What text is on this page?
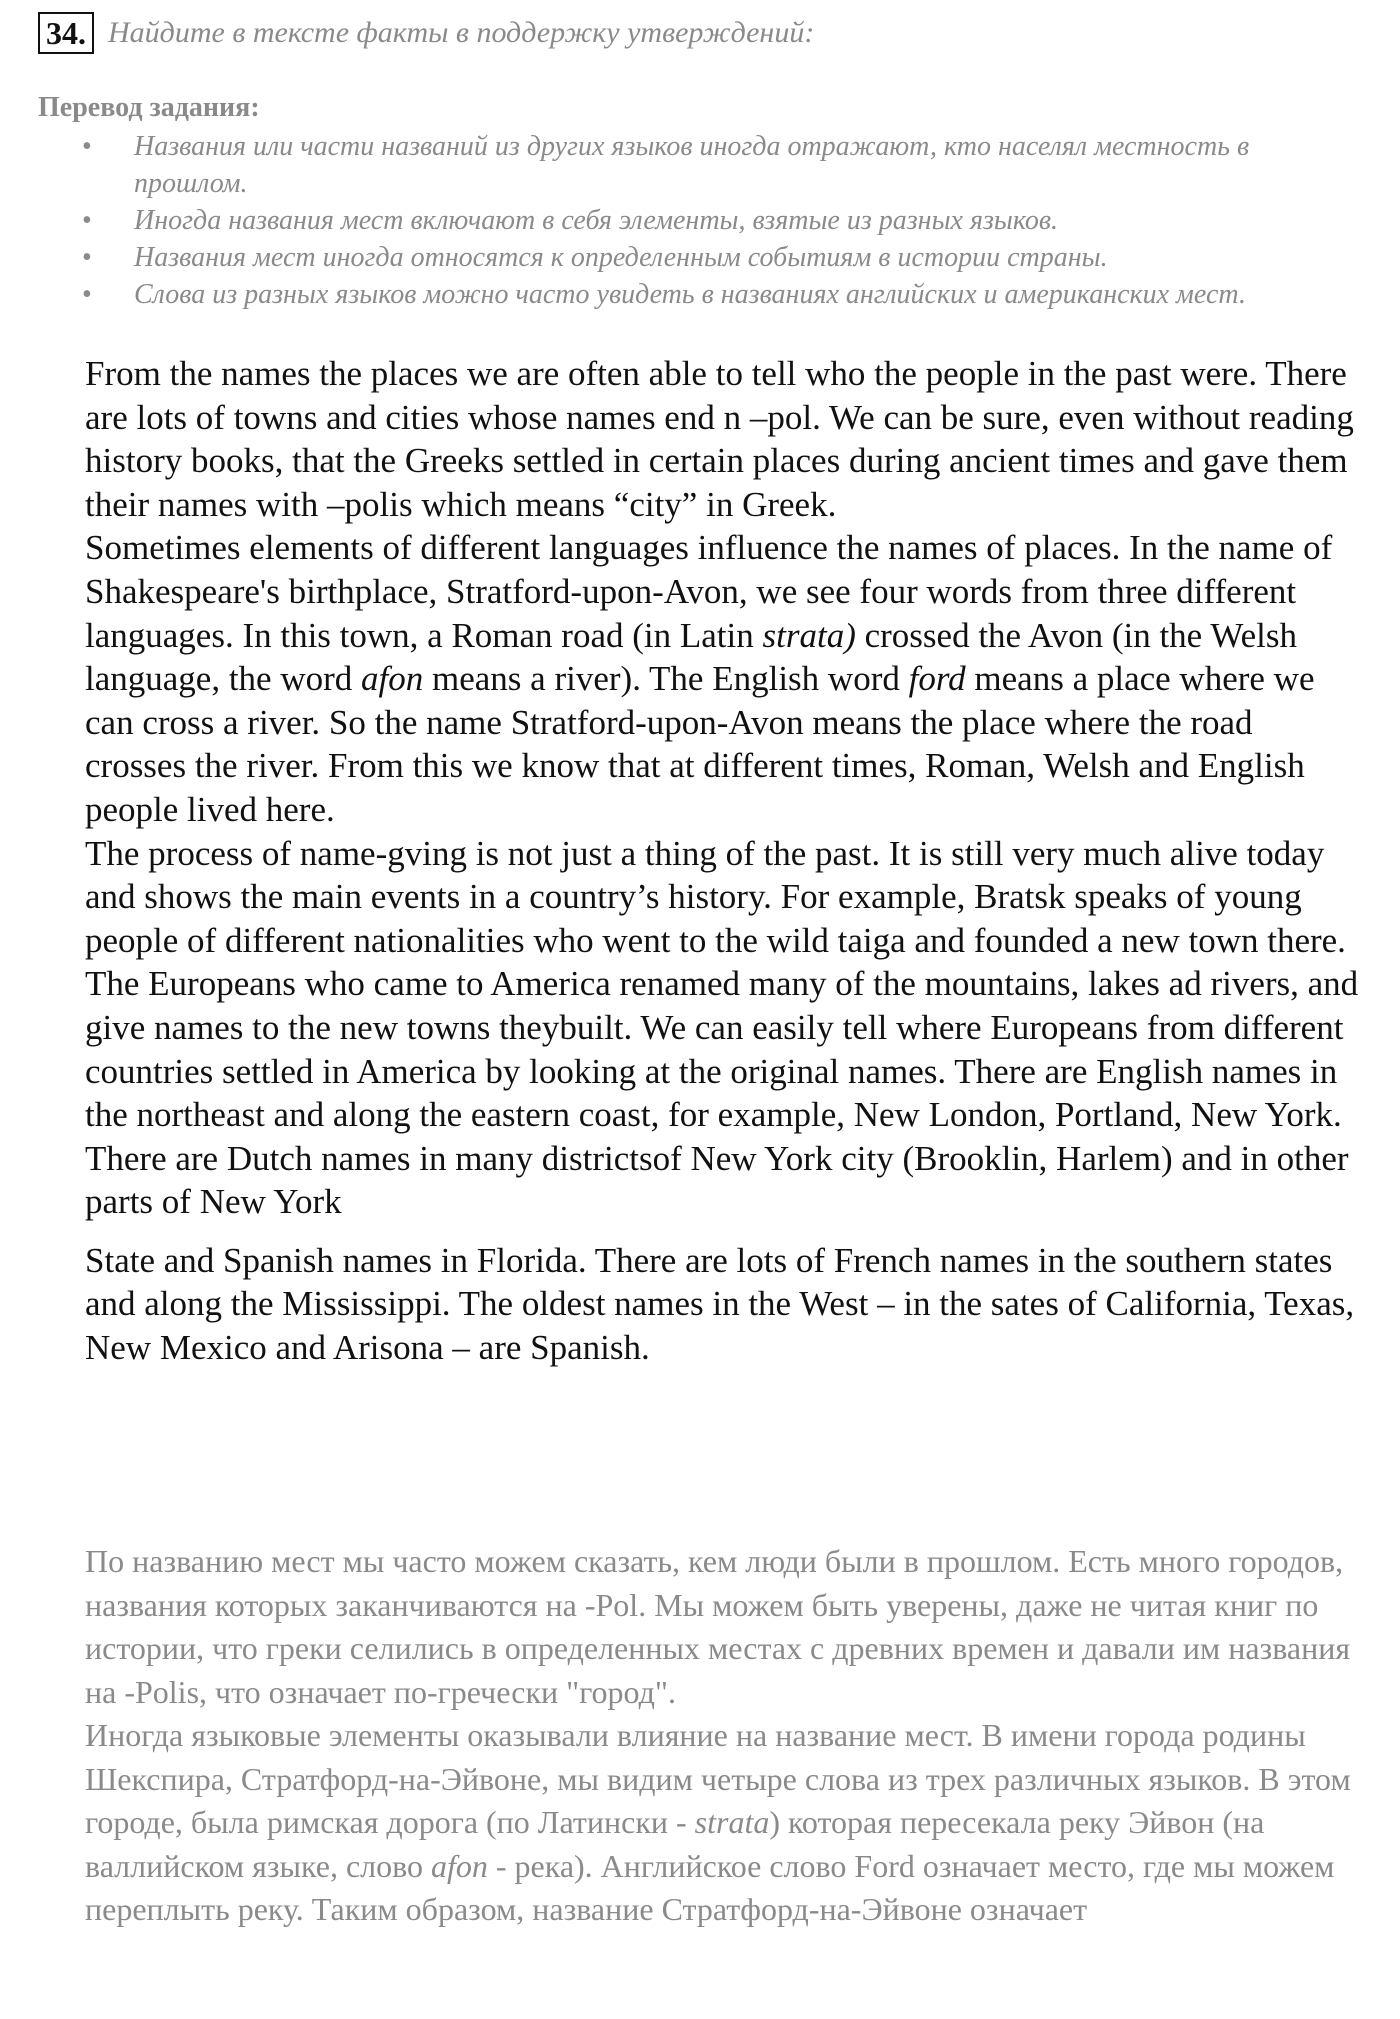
34. Найдите в тексте факты в поддержку утверждений:
Перевод задания:
• Названия или части названий из других языков иногда отражают, кто населял местность в прошлом.
• Иногда названия мест включают в себя элементы, взятые из разных языков.
• Названия мест иногда относятся к определенным событиям в истории страны.
• Слова из разных языков можно часто увидеть в названиях английских и американских мест.

From the names the places we are often able to tell who the people in the past were. There are lots of towns and cities whose names end n –pol. We can be sure, even without reading history books, that the Greeks settled in certain places during ancient times and gave them their names with –polis which means “city” in Greek.

Sometimes elements of different languages influence the names of places. In the name of Shakespeare's birthplace, Stratford-upon-Avon, we see four words from three different languages. In this town, a Roman road (in Latin strata) crossed the Avon (in the Welsh language, the word afon means a river). The English word ford means a place where we can cross a river. So the name Stratford-upon-Avon means the place where the road crosses the river. From this we know that at different times, Roman, Welsh and English people lived here.

The process of name-gving is not just a thing of the past. It is still very much alive today and shows the main events in a country’s history. For example, Bratsk speaks of young people of different nationalities who went to the wild taiga and founded a new town there.

The Europeans who came to America renamed many of the mountains, lakes ad rivers, and give names to the new towns theybuilt. We can easily tell where Europeans from different countries settled in America by looking at the original names. There are English names in the northeast and along the eastern coast, for example, New London, Portland, New York. There are Dutch names in many districtsof New York city (Brooklin, Harlem) and in other parts of New York

State and Spanish names in Florida. There are lots of French names in the southern states and along the Mississippi. The oldest names in the West – in the sates of California, Texas, New Mexico and Arisona – are Spanish.

По названию мест мы часто можем сказать, кем люди были в прошлом. Есть много городов, названия которых заканчиваются на -Pol. Мы можем быть уверены, даже не читая книг по истории, что греки селились в определенных местах с древних времен и давали им названия на -Polis, что означает по-гречески "город".

Иногда языковые элементы оказывали влияние на название мест. В имени города родины Шекспира, Стратфорд-на-Эйвоне, мы видим четыре слова из трех различных языков. В этом городе, была римская дорога (по Латински - strata) которая пересекала реку Эйвон (на валлийском языке, слово afon - река). Английское слово Ford означает место, где мы можем переплыть реку. Таким образом, название Стратфорд-на-Эйвоне означает
